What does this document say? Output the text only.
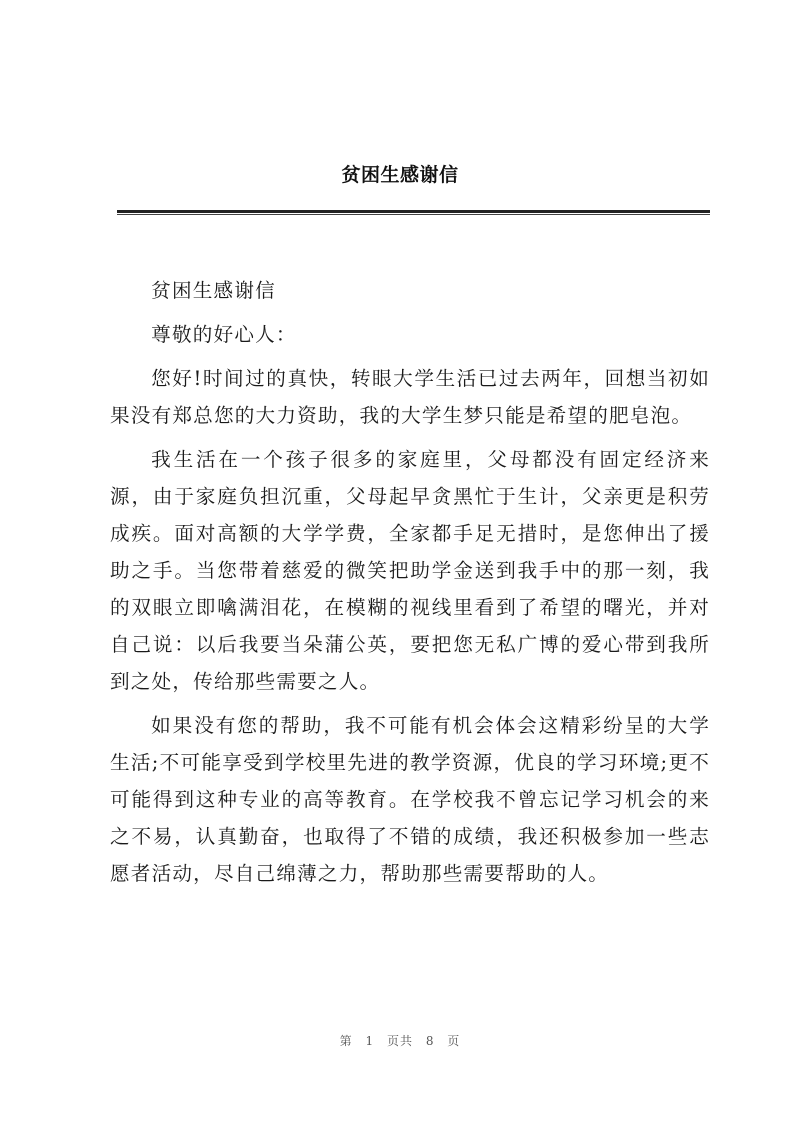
贫困生感谢信

贫困生感谢信

尊敬的好心人：

您好!时间过的真快，转眼大学生活已过去两年，回想当初如果没有郑总您的大力资助，我的大学生梦只能是希望的肥皂泡。

我生活在一个孩子很多的家庭里，父母都没有固定经济来源，由于家庭负担沉重，父母起早贪黑忙于生计，父亲更是积劳成疾。面对高额的大学学费，全家都手足无措时，是您伸出了援助之手。当您带着慈爱的微笑把助学金送到我手中的那一刻，我的双眼立即噙满泪花，在模糊的视线里看到了希望的曙光，并对自己说：以后我要当朵蒲公英，要把您无私广博的爱心带到我所到之处，传给那些需要之人。

如果没有您的帮助，我不可能有机会体会这精彩纷呈的大学生活;不可能享受到学校里先进的教学资源，优良的学习环境;更不可能得到这种专业的高等教育。在学校我不曾忘记学习机会的来之不易，认真勤奋，也取得了不错的成绩，我还积极参加一些志愿者活动，尽自己绵薄之力，帮助那些需要帮助的人。

第 1 页共 8 页
